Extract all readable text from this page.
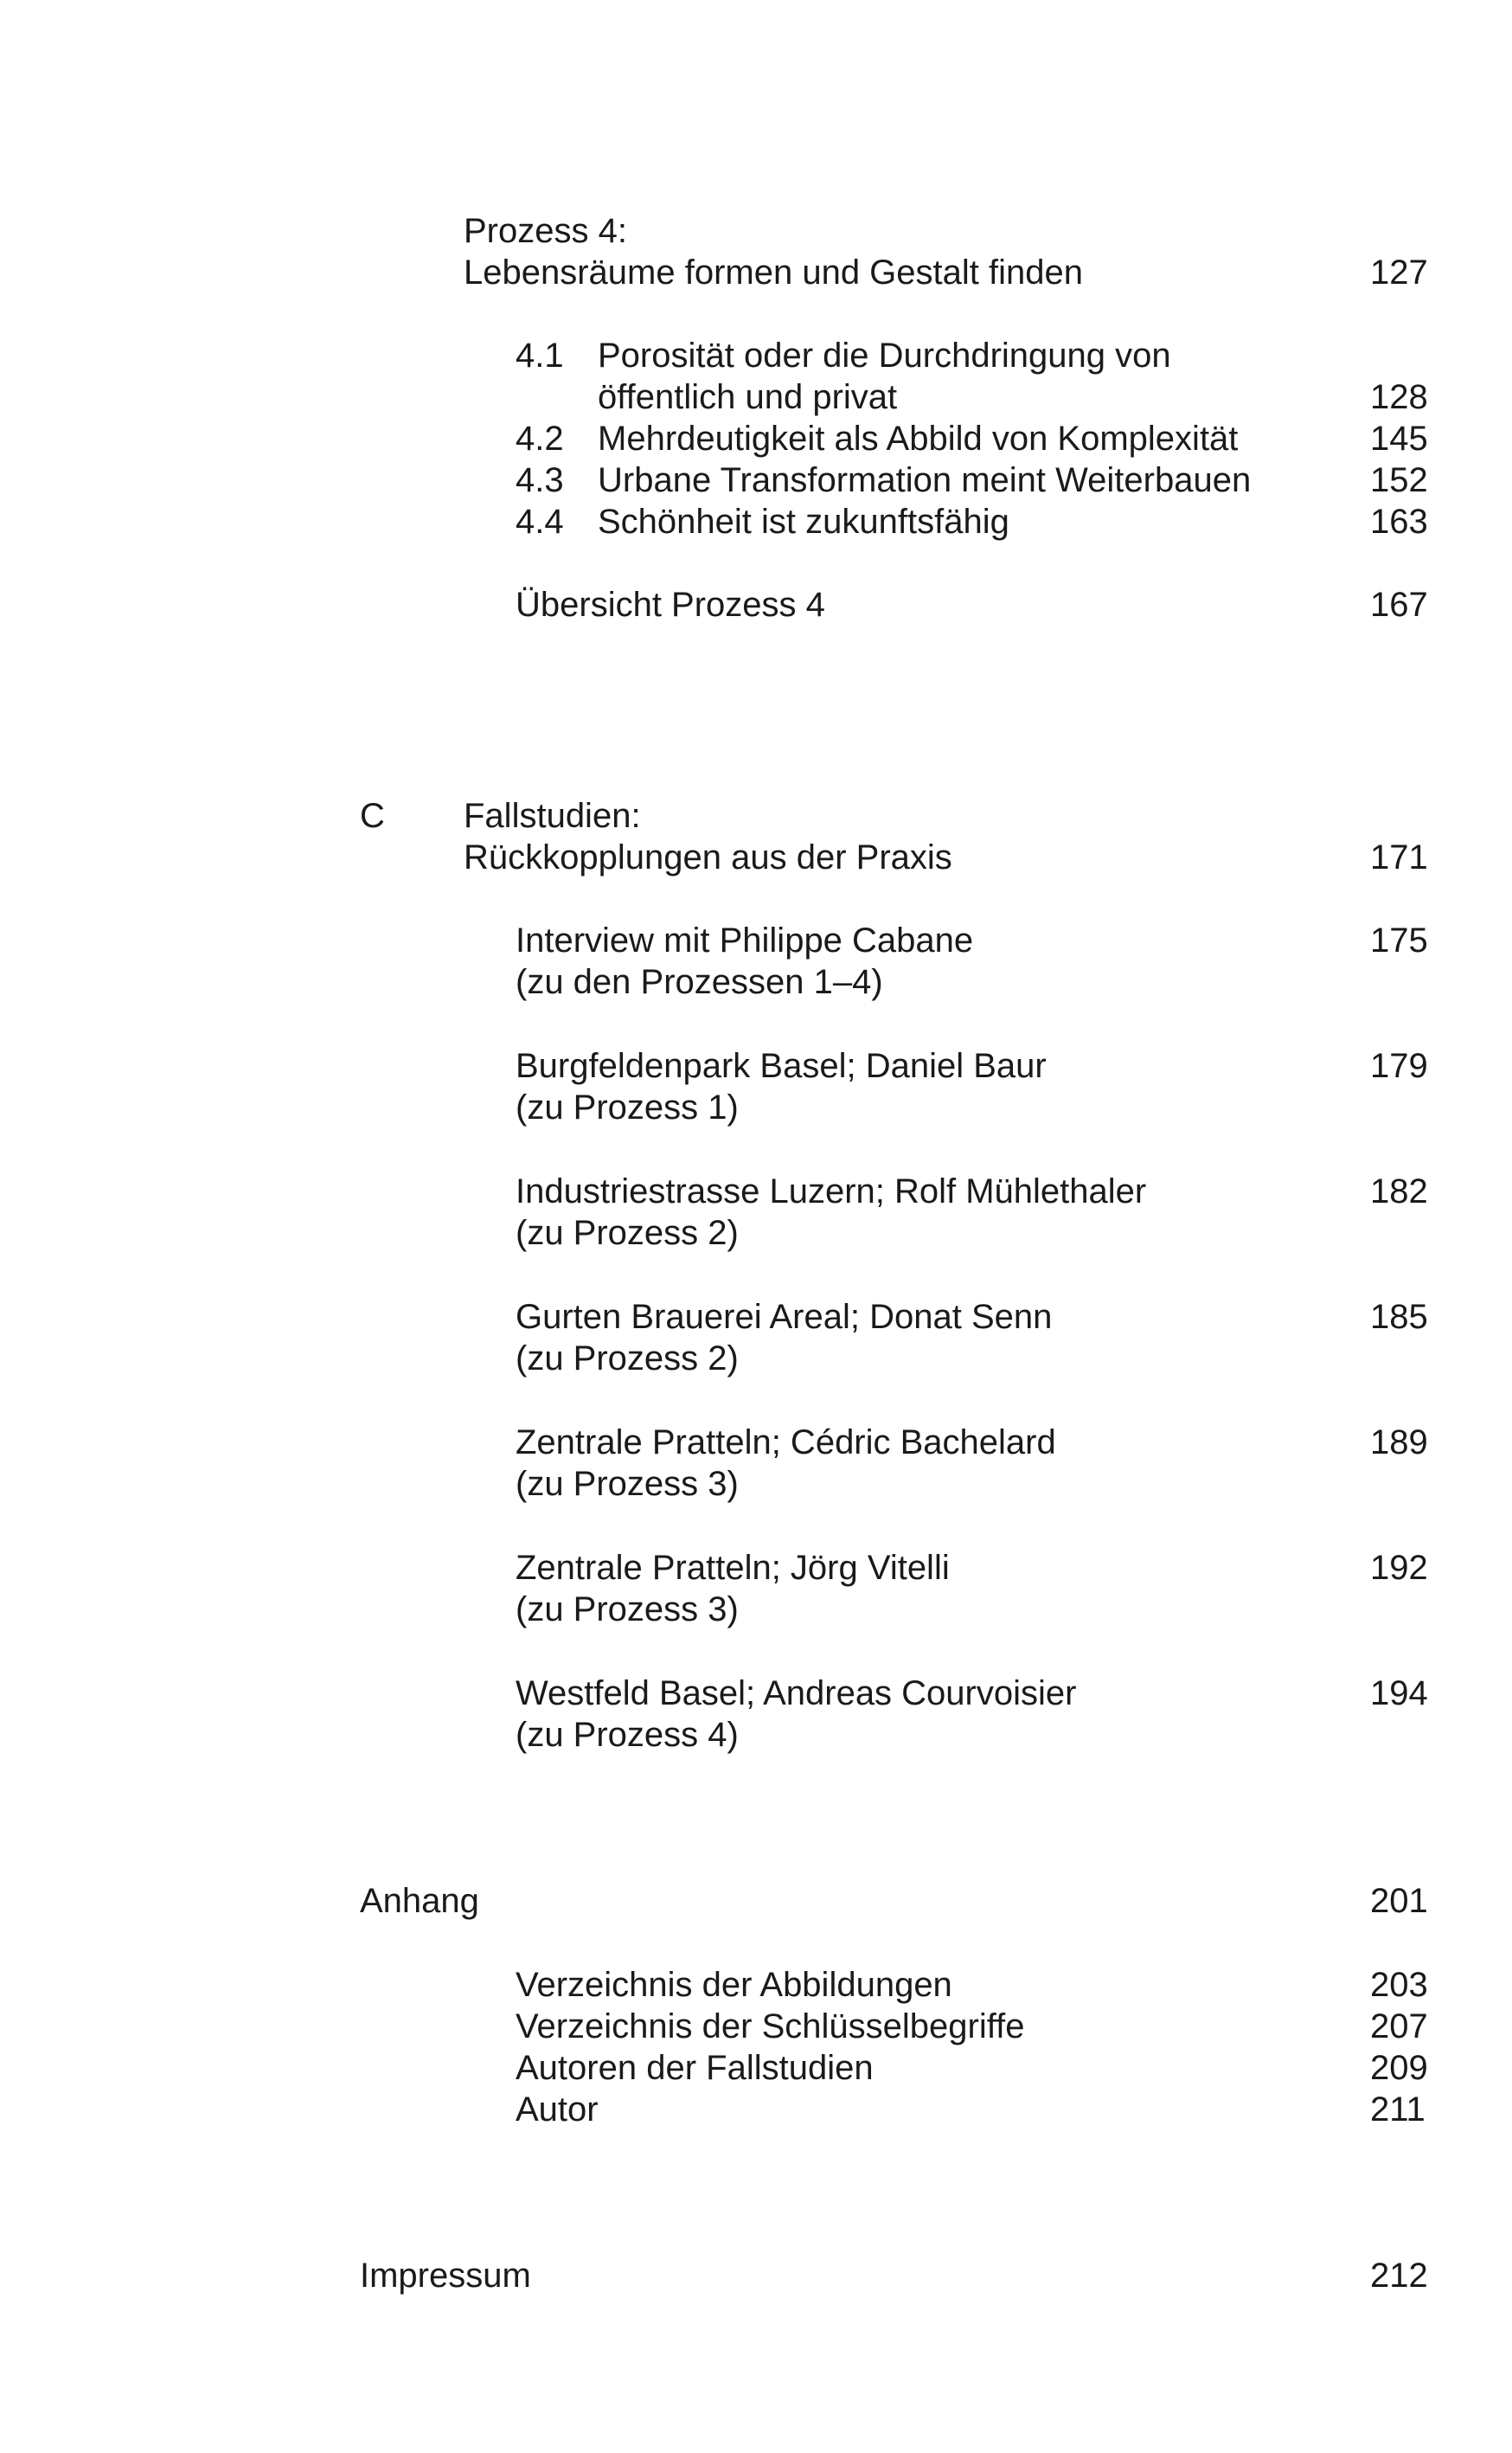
Prozess 4:
Lebensräume formen und Gestalt finden	127
4.1 Porosität oder die Durchdringung von
öffentlich und privat	128
4.2 Mehrdeutigkeit als Abbild von Komplexität	145
4.3 Urbane Transformation meint Weiterbauen	152
4.4 Schönheit ist zukunftsfähig	163
Übersicht Prozess 4	167
C Fallstudien:
Rückkopplungen aus der Praxis	171
Interview mit Philippe Cabane	175
(zu den Prozessen 1–4)
Burgfeldenpark Basel; Daniel Baur	179
(zu Prozess 1)
Industriestrasse Luzern; Rolf Mühlethaler	182
(zu Prozess 2)
Gurten Brauerei Areal; Donat Senn	185
(zu Prozess 2)
Zentrale Pratteln; Cédric Bachelard	189
(zu Prozess 3)
Zentrale Pratteln; Jörg Vitelli	192
(zu Prozess 3)
Westfeld Basel; Andreas Courvoisier	194
(zu Prozess 4)
Anhang	201
Verzeichnis der Abbildungen	203
Verzeichnis der Schlüsselbegriffe	207
Autoren der Fallstudien	209
Autor	211
Impressum	212
